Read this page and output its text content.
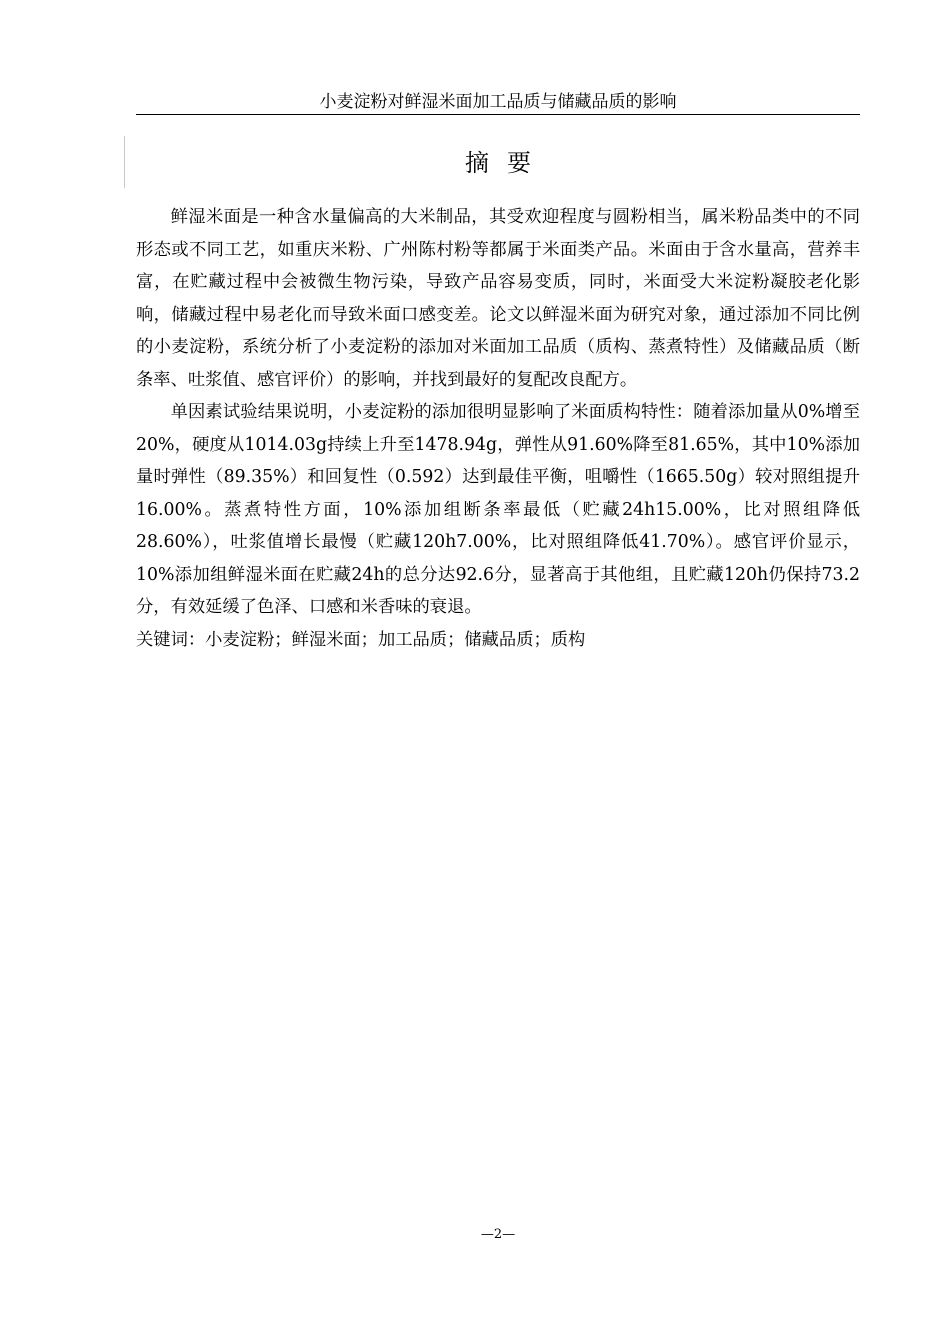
小麦淀粉对鲜湿米面加工品质与储藏品质的影响
摘要

鲜湿米面是一种含水量偏高的大米制品，其受欢迎程度与圆粉相当，属米粉品类中的不同形态或不同工艺，如重庆米粉、广州陈村粉等都属于米面类产品。米面由于含水量高，营养丰富，在贮藏过程中会被微生物污染，导致产品容易变质，同时，米面受大米淀粉凝胶老化影响，储藏过程中易老化而导致米面口感变差。论文以鲜湿米面为研究对象，通过添加不同比例的小麦淀粉，系统分析了小麦淀粉的添加对米面加工品质（质构、蒸煮特性）及储藏品质（断条率、吐浆值、感官评价）的影响，并找到最好的复配改良配方。

单因素试验结果说明，小麦淀粉的添加很明显影响了米面质构特性：随着添加量从0%增至20%，硬度从1014.03g持续上升至1478.94g，弹性从91.60%降至81.65%，其中10%添加量时弹性（89.35%）和回复性（0.592）达到最佳平衡，咀嚼性（1665.50g）较对照组提升16.00%。蒸煮特性方面，10%添加组断条率最低（贮藏24h15.00%，比对照组降低28.60%），吐浆值增长最慢（贮藏120h7.00%，比对照组降低41.70%）。感官评价显示，10%添加组鲜湿米面在贮藏24h的总分达92.6分，显著高于其他组，且贮藏120h仍保持73.2分，有效延缓了色泽、口感和米香味的衰退。

关键词：小麦淀粉；鲜湿米面；加工品质；储藏品质；质构

—2—
